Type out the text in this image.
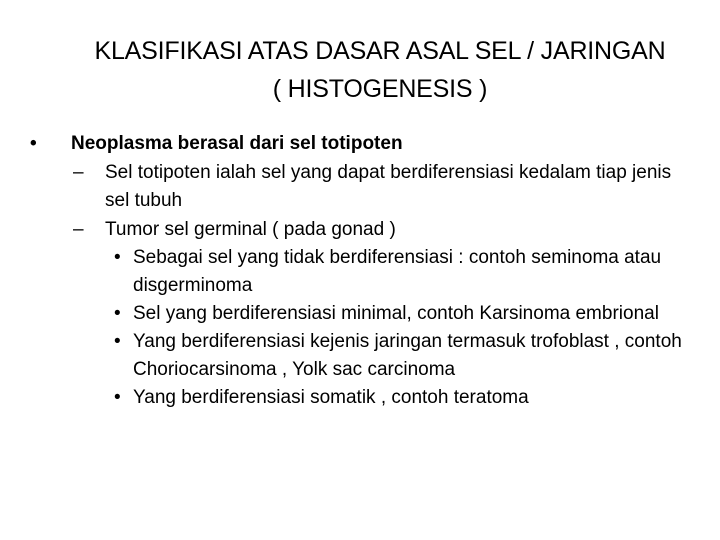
KLASIFIKASI ATAS DASAR ASAL SEL / JARINGAN
( HISTOGENESIS )
•	Neoplasma berasal dari sel totipoten
– Sel totipoten ialah sel yang dapat berdiferensiasi kedalam tiap jenis sel tubuh
– Tumor sel germinal ( pada gonad )
• Sebagai sel yang tidak berdiferensiasi : contoh seminoma atau disgerminoma
• Sel yang berdiferensiasi minimal, contoh Karsinoma embrional
• Yang berdiferensiasi kejenis jaringan termasuk trofoblast , contoh Choriocarsinoma , Yolk sac carcinoma
• Yang berdiferensiasi somatik , contoh teratoma
